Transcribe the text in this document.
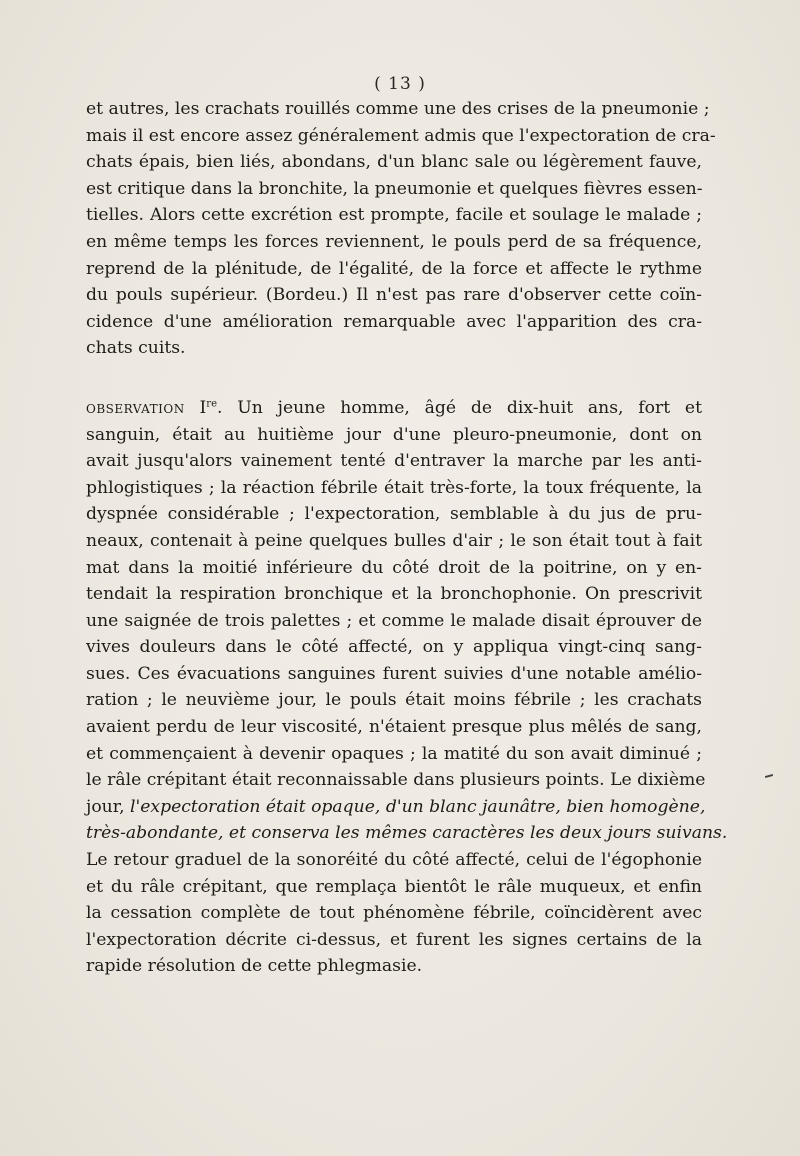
( 13 )
et autres, les crachats rouillés comme une des crises de la pneumonie ;
mais il est encore assez généralement admis que l'expectoration de cra-
chats épais, bien liés, abondans, d'un blanc sale ou légèrement fauve,
est critique dans la bronchite, la pneumonie et quelques fièvres essen-
tielles. Alors cette excrétion est prompte, facile et soulage le malade ;
en même temps les forces reviennent, le pouls perd de sa fréquence,
reprend de la plénitude, de l'égalité, de la force et affecte le rythme
du pouls supérieur. (Bordeu.) Il n'est pas rare d'observer cette coïn-
cidence d'une amélioration remarquable avec l'apparition des cra-
chats cuits.
observation Ire. Un jeune homme, âgé de dix-huit ans, fort et
sanguin, était au huitième jour d'une pleuro-pneumonie, dont on
avait jusqu'alors vainement tenté d'entraver la marche par les anti-
phlogistiques ; la réaction fébrile était très-forte, la toux fréquente, la
dyspnée considérable ; l'expectoration, semblable à du jus de pru-
neaux, contenait à peine quelques bulles d'air ; le son était tout à fait
mat dans la moitié inférieure du côté droit de la poitrine, on y en-
tendait la respiration bronchique et la bronchophonie. On prescrivit
une saignée de trois palettes ; et comme le malade disait éprouver de
vives douleurs dans le côté affecté, on y appliqua vingt-cinq sang-
sues. Ces évacuations sanguines furent suivies d'une notable amélio-
ration ; le neuvième jour, le pouls était moins fébrile ; les crachats
avaient perdu de leur viscosité, n'étaient presque plus mêlés de sang,
et commençaient à devenir opaques ; la matité du son avait diminué ;
le râle crépitant était reconnaissable dans plusieurs points. Le dixième
jour, l'expectoration était opaque, d'un blanc jaunâtre, bien homogène,
très-abondante, et conserva les mêmes caractères les deux jours suivans.
Le retour graduel de la sonoréité du côté affecté, celui de l'égophonie
et du râle crépitant, que remplaça bientôt le râle muqueux, et enfin
la cessation complète de tout phénomène fébrile, coïncidèrent avec
l'expectoration décrite ci-dessus, et furent les signes certains de la
rapide résolution de cette phlegmasie.
